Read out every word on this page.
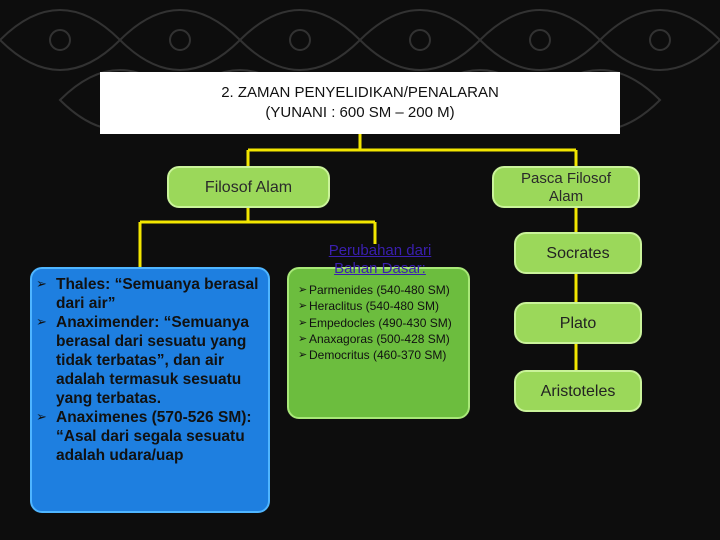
2. ZAMAN PENYELIDIKAN/PENALARAN
(YUNANI : 600 SM – 200 M)
Filosof Alam
Pasca Filosof
Alam
Socrates
Plato
Aristoteles
➢ Thales: “Semuanya berasal dari air”
➢ Anaximender: “Semuanya berasal dari sesuatu yang tidak terbatas”, dan air adalah termasuk sesuatu yang terbatas.
➢ Anaximenes (570-526 SM): “Asal dari segala sesuatu adalah udara/uap
➢ Parmenides (540-480 SM)
➢ Heraclitus (540-480 SM)
➢ Empedocles (490-430 SM)
➢ Anaxagoras (500-428 SM)
➢ Democritus (460-370 SM)
Perubahan dari
Bahan Dasar:
